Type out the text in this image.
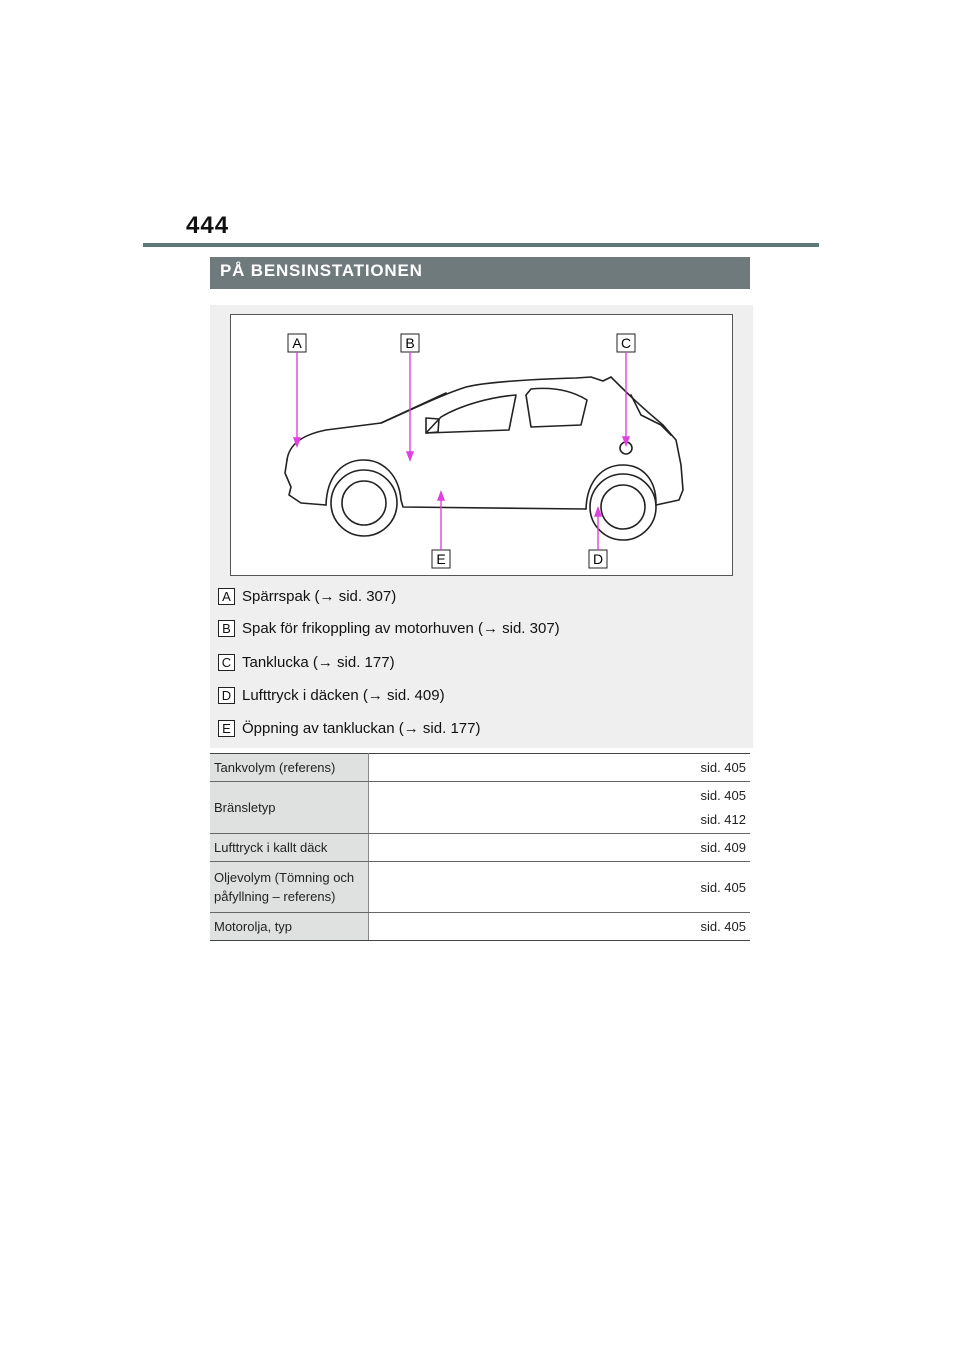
444
PÅ BENSINSTATIONEN
A	B	C
E	D
A Spärrspak (→ sid. 307)
B Spak för frikoppling av motorhuven (→ sid. 307)
C Tanklucka (→ sid. 177)
D Lufttryck i däcken (→ sid. 409)
E Öppning av tankluckan (→ sid. 177)
Tankvolym (referens)	sid. 405

Bränsletyp	sid. 405
sid. 412

Lufttryck i kallt däck	sid. 409

Oljevolym (Tömning och påfyllning – referens)	sid. 405

Motorolja, typ	sid. 405
